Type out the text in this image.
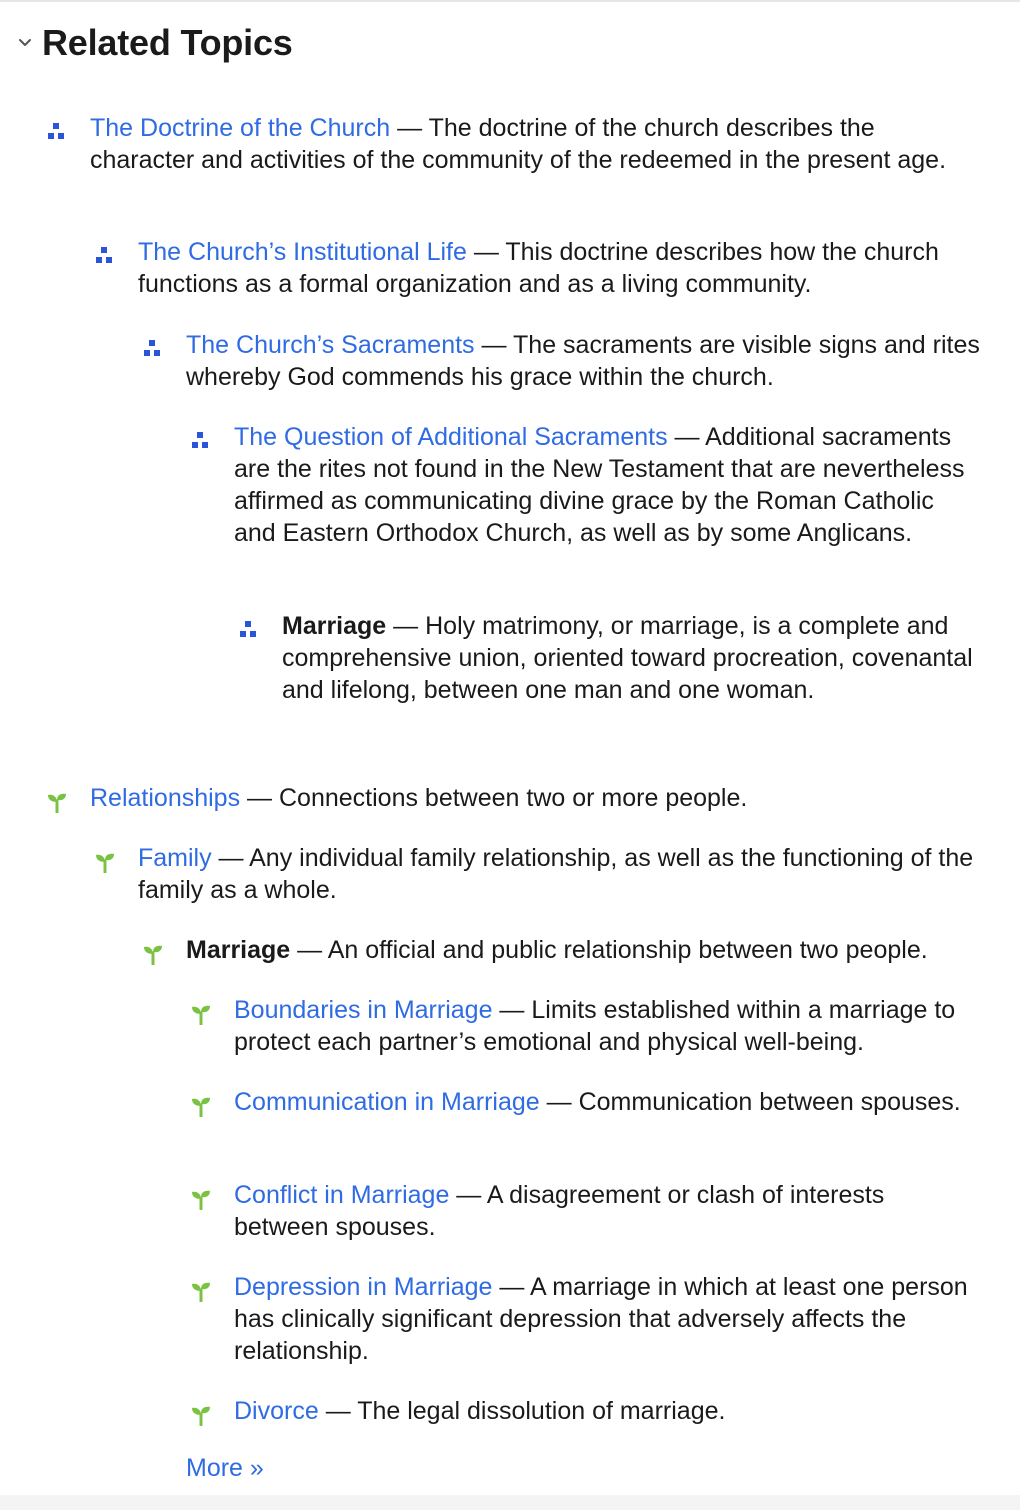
Related Topics
The Doctrine of the Church — The doctrine of the church describes the character and activities of the community of the redeemed in the present age.
The Church’s Institutional Life — This doctrine describes how the church functions as a formal organization and as a living community.
The Church’s Sacraments — The sacraments are visible signs and rites whereby God commends his grace within the church.
The Question of Additional Sacraments — Additional sacraments are the rites not found in the New Testament that are nevertheless affirmed as communicating divine grace by the Roman Catholic and Eastern Orthodox Church, as well as by some Anglicans.
Marriage — Holy matrimony, or marriage, is a complete and comprehensive union, oriented toward procreation, covenantal and lifelong, between one man and one woman.
Relationships — Connections between two or more people.
Family — Any individual family relationship, as well as the functioning of the family as a whole.
Marriage — An official and public relationship between two people.
Boundaries in Marriage — Limits established within a marriage to protect each partner’s emotional and physical well-being.
Communication in Marriage — Communication between spouses.
Conflict in Marriage — A disagreement or clash of interests between spouses.
Depression in Marriage — A marriage in which at least one person has clinically significant depression that adversely affects the relationship.
Divorce — The legal dissolution of marriage.
More »
